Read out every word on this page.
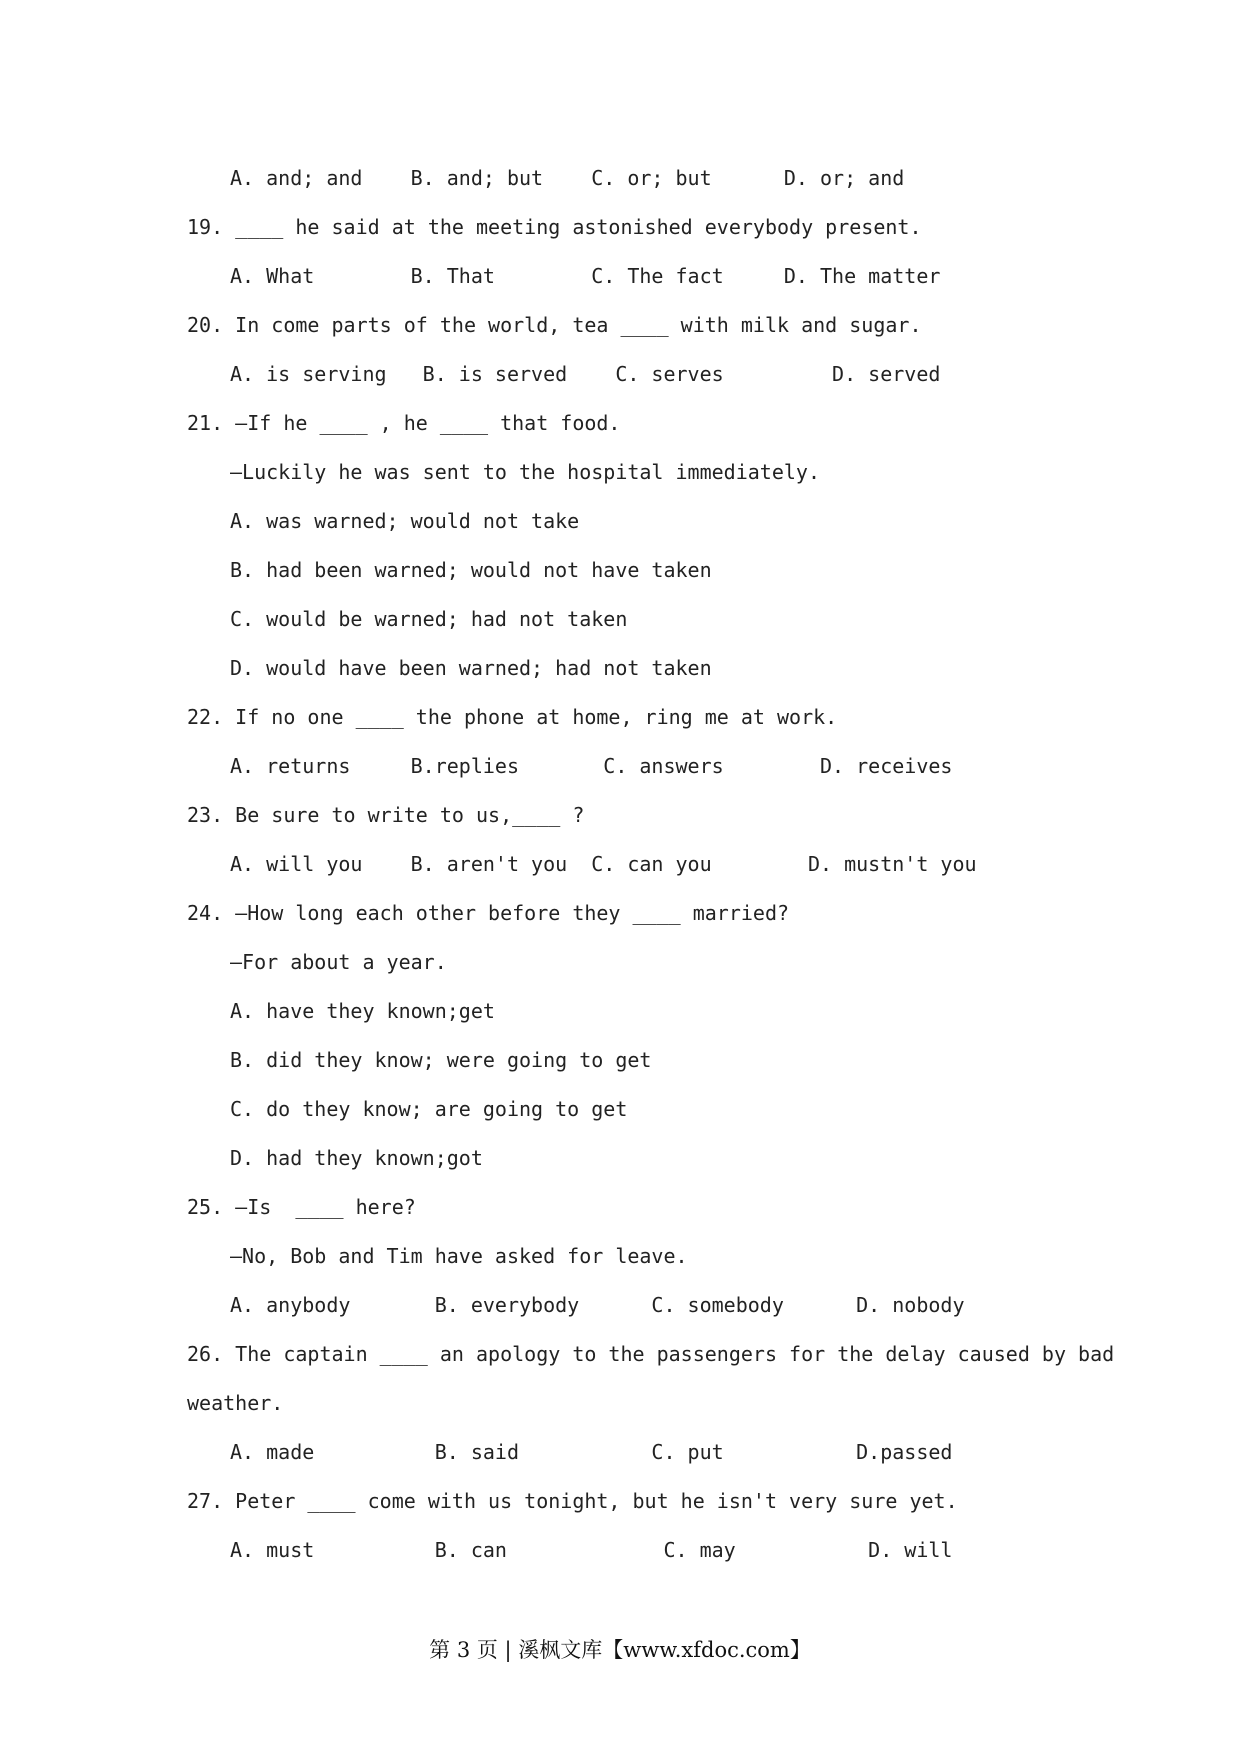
A. and; and    B. and; but    C. or; but      D. or; and
19. ____ he said at the meeting astonished everybody present.
A. What        B. That        C. The fact     D. The matter
20. In come parts of the world, tea ____ with milk and sugar.
A. is serving   B. is served    C. serves         D. served
21. —If he ____ , he ____ that food.
—Luckily he was sent to the hospital immediately.
A. was warned; would not take
B. had been warned; would not have taken
C. would be warned; had not taken
D. would have been warned; had not taken
22. If no one ____ the phone at home, ring me at work.
A. returns     B.replies       C. answers        D. receives
23. Be sure to write to us,____ ?
A. will you    B. aren't you  C. can you        D. mustn't you
24. —How long each other before they ____ married?
—For about a year.
A. have they known;get
B. did they know; were going to get
C. do they know; are going to get
D. had they known;got
25. —Is  ____ here?
—No, Bob and Tim have asked for leave.
A. anybody       B. everybody      C. somebody      D. nobody
26. The captain ____ an apology to the passengers for the delay caused by bad
weather.
A. made          B. said           C. put           D.passed
27. Peter ____ come with us tonight, but he isn't very sure yet.
A. must          B. can             C. may           D. will
第 3 页 | 溪枫文库【www.xfdoc.com】
